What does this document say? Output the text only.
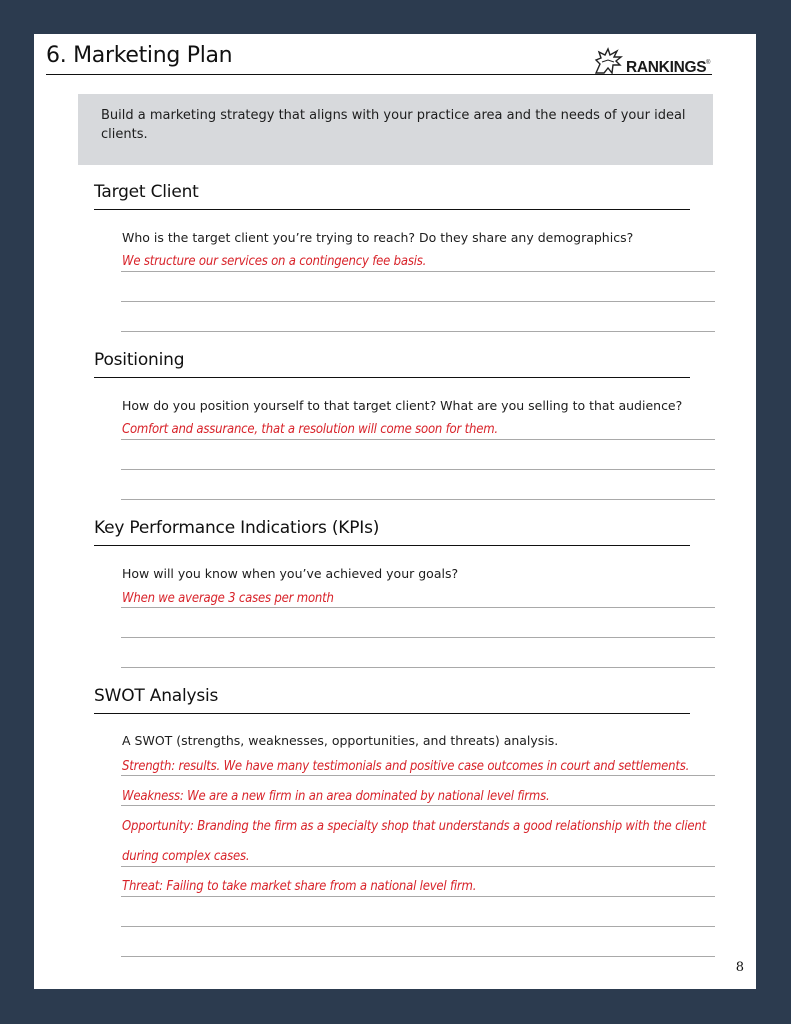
6. Marketing Plan	RANKINGS ®
Build a marketing strategy that aligns with your practice area and the needs of your ideal clients.
Target Client
Who is the target client you’re trying to reach? Do they share any demographics?
We structure our services on a contingency fee basis.
Positioning
How do you position yourself to that target client? What are you selling to that audience?
Comfort and assurance, that a resolution will come soon for them.
Key Performance Indicatiors (KPIs)
How will you know when you’ve achieved your goals?
When we average 3 cases per month
SWOT Analysis
A SWOT (strengths, weaknesses, opportunities, and threats) analysis.
Strength: results. We have many testimonials and positive case outcomes in court and settlements.
Weakness: We are a new firm in an area dominated by national level firms.
Opportunity: Branding the firm as a specialty shop that understands a good relationship with the client
during complex cases.
Threat: Failing to take market share from a national level firm.
8
